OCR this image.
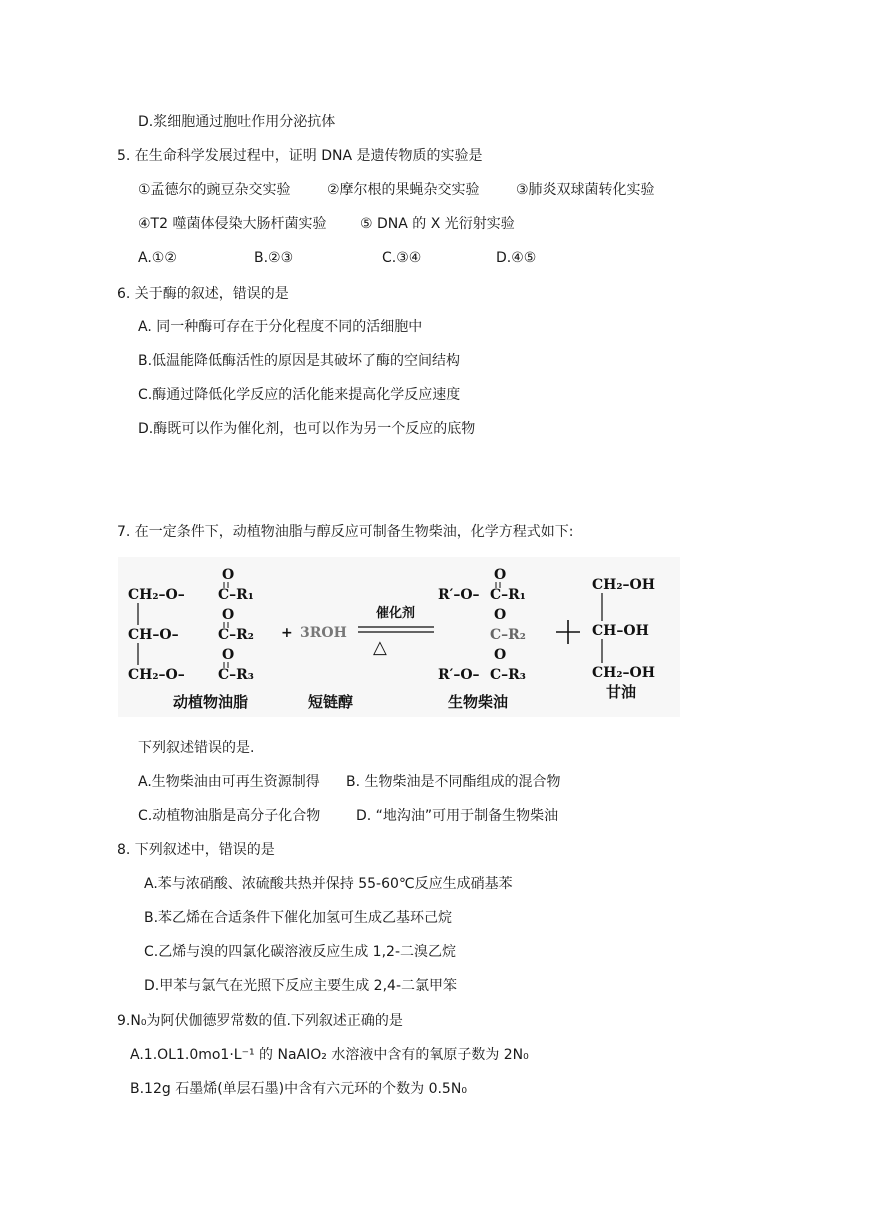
D.浆细胞通过胞吐作用分泌抗体
5. 在生命科学发展过程中，证明 DNA 是遗传物质的实验是
①孟德尔的豌豆杂交实验	②摩尔根的果蝇杂交实验	③肺炎双球菌转化实验
④T2 噬菌体侵染大肠杆菌实验 ⑤ DNA 的 X 光衍射实验
A.①②	B.②③	C.③④	D.④⑤
6. 关于酶的叙述，错误的是
A. 同一种酶可存在于分化程度不同的活细胞中
B.低温能降低酶活性的原因是其破坏了酶的空间结构
C.酶通过降低化学反应的活化能来提高化学反应速度
D.酶既可以作为催化剂，也可以作为另一个反应的底物
7. 在一定条件下，动植物油脂与醇反应可制备生物柴油，化学方程式如下:
CH₂–O– C–R₁
O
CH–O–	C–R₂
O
CH₂–O– C–R₃
O
动植物油脂
+ 3ROH
短链醇
催化剂
△
R′–O– C–R₁
O
O
C–R₂
O
R′–O– C–R₃
生物柴油
CH₂–OH
CH–OH
CH₂–OH
甘油
下列叙述错误的是.
A.生物柴油由可再生资源制得 B. 生物柴油是不同酯组成的混合物
C.动植物油脂是高分子化合物	D. “地沟油”可用于制备生物柴油
8. 下列叙述中，错误的是
A.苯与浓硝酸、浓硫酸共热并保持 55-60℃反应生成硝基苯
B.苯乙烯在合适条件下催化加氢可生成乙基环己烷
C.乙烯与溴的四氯化碳溶液反应生成 1,2-二溴乙烷
D.甲苯与氯气在光照下反应主要生成 2,4-二氯甲笨
9.N₀为阿伏伽德罗常数的值.下列叙述正确的是
A.1.OL1.0mo1·L⁻¹ 的 NaAIO₂ 水溶液中含有的氧原子数为 2N₀
B.12g 石墨烯(单层石墨)中含有六元环的个数为 0.5N₀
